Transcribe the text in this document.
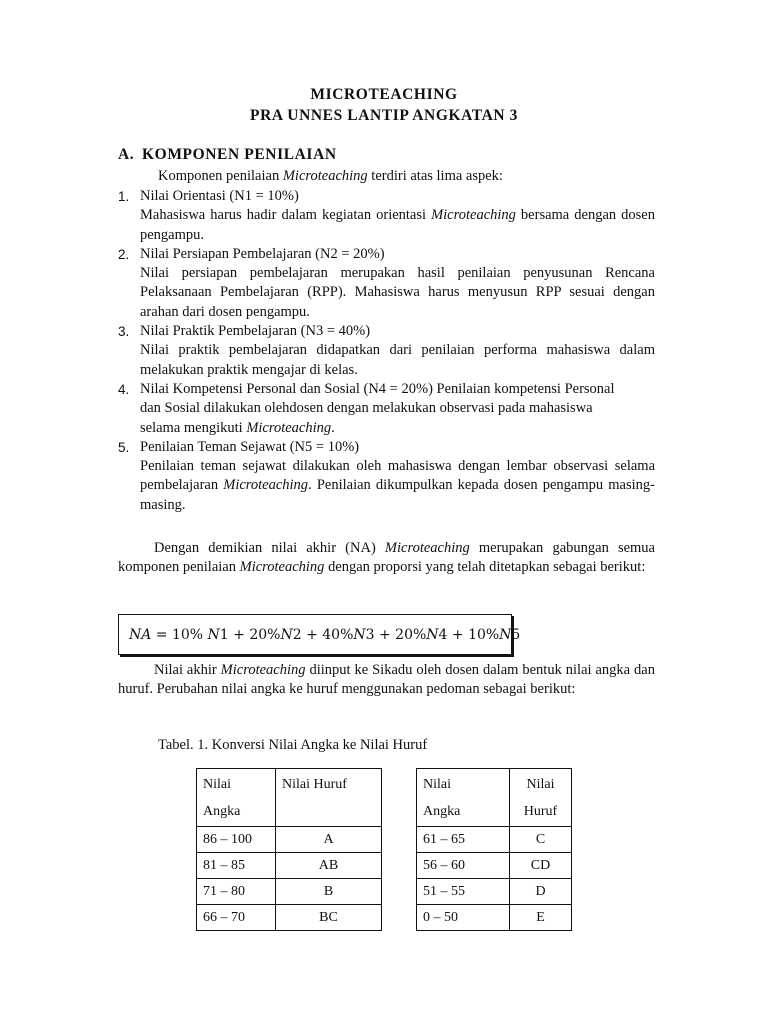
MICROTEACHING
PRA UNNES LANTIP ANGKATAN 3
A. KOMPONEN PENILAIAN
Komponen penilaian Microteaching terdiri atas lima aspek:
1. Nilai Orientasi (N1 = 10%)
Mahasiswa harus hadir dalam kegiatan orientasi Microteaching bersama dengan dosen pengampu.
2. Nilai Persiapan Pembelajaran (N2 = 20%)
Nilai persiapan pembelajaran merupakan hasil penilaian penyusunan Rencana Pelaksanaan Pembelajaran (RPP). Mahasiswa harus menyusun RPP sesuai dengan arahan dari dosen pengampu.
3. Nilai Praktik Pembelajaran (N3 = 40%)
Nilai praktik pembelajaran didapatkan dari penilaian performa mahasiswa dalam melakukan praktik mengajar di kelas.
4. Nilai Kompetensi Personal dan Sosial (N4 = 20%) Penilaian kompetensi Personal
dan Sosial dilakukan olehdosen dengan melakukan observasi pada mahasiswa
selama mengikuti Microteaching.
5. Penilaian Teman Sejawat (N5 = 10%)
Penilaian teman sejawat dilakukan oleh mahasiswa dengan lembar observasi selama pembelajaran Microteaching. Penilaian dikumpulkan kepada dosen pengampu masing-masing.
Dengan demikian nilai akhir (NA) Microteaching merupakan gabungan semua komponen penilaian Microteaching dengan proporsi yang telah ditetapkan sebagai berikut:
𝑁𝐴 = 10% 𝑁1 + 20%𝑁2 + 40%𝑁3 + 20%𝑁4 + 10%𝑁5
Nilai akhir Microteaching diinput ke Sikadu oleh dosen dalam bentuk nilai angka dan huruf. Perubahan nilai angka ke huruf menggunakan pedoman sebagai berikut:
Tabel. 1. Konversi Nilai Angka ke Nilai Huruf
Nilai
Angka	Nilai Huruf
86 – 100	A
81 – 85	AB
71 – 80	B
66 – 70	BC
Nilai
Angka	Nilai
Huruf
61 – 65	C
56 – 60	CD
51 – 55	D
0 – 50	E
